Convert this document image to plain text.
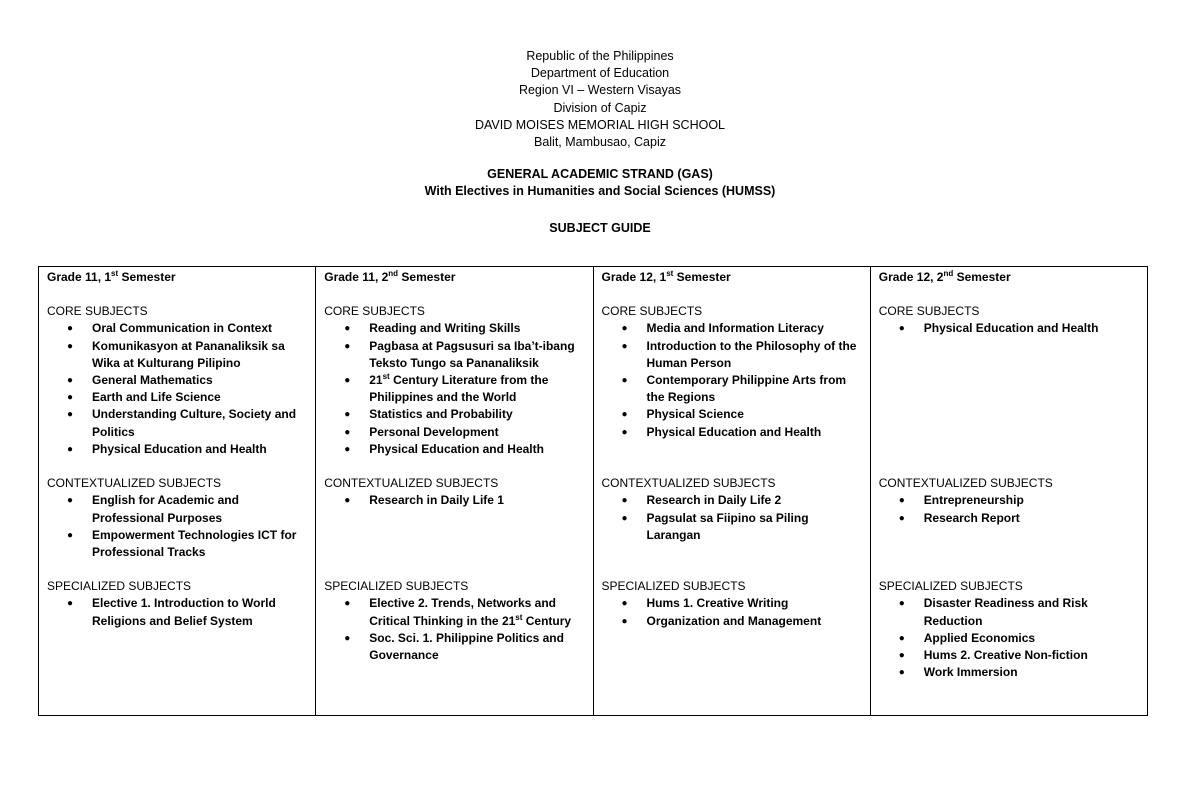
Republic of the Philippines
Department of Education
Region VI – Western Visayas
Division of Capiz
DAVID MOISES MEMORIAL HIGH SCHOOL
Balit, Mambusao, Capiz
GENERAL ACADEMIC STRAND (GAS)
With Electives in Humanities and Social Sciences (HUMSS)
SUBJECT GUIDE
Grade 11, 1st Semester
CORE SUBJECTS
● Oral Communication in Context
● Komunikasyon at Pananaliksik sa Wika at Kulturang Pilipino
● General Mathematics
● Earth and Life Science
● Understanding Culture, Society and Politics
● Physical Education and Health
CONTEXTUALIZED SUBJECTS
● English for Academic and Professional Purposes
● Empowerment Technologies ICT for Professional Tracks
SPECIALIZED SUBJECTS
● Elective 1. Introduction to World Religions and Belief System

Grade 11, 2nd Semester
CORE SUBJECTS
● Reading and Writing Skills
● Pagbasa at Pagsusuri sa Iba’t-ibang Teksto Tungo sa Pananaliksik
● 21st Century Literature from the Philippines and the World
● Statistics and Probability
● Personal Development
● Physical Education and Health
CONTEXTUALIZED SUBJECTS
● Research in Daily Life 1
SPECIALIZED SUBJECTS
● Elective 2. Trends, Networks and Critical Thinking in the 21st Century
● Soc. Sci. 1. Philippine Politics and Governance

Grade 12, 1st Semester
CORE SUBJECTS
● Media and Information Literacy
● Introduction to the Philosophy of the Human Person
● Contemporary Philippine Arts from the Regions
● Physical Science
● Physical Education and Health
CONTEXTUALIZED SUBJECTS
● Research in Daily Life 2
● Pagsulat sa Fiipino sa Piling Larangan
SPECIALIZED SUBJECTS
● Hums 1. Creative Writing
● Organization and Management

Grade 12, 2nd Semester
CORE SUBJECTS
● Physical Education and Health
CONTEXTUALIZED SUBJECTS
● Entrepreneurship
● Research Report
SPECIALIZED SUBJECTS
● Disaster Readiness and Risk Reduction
● Applied Economics
● Hums 2. Creative Non-fiction
● Work Immersion
